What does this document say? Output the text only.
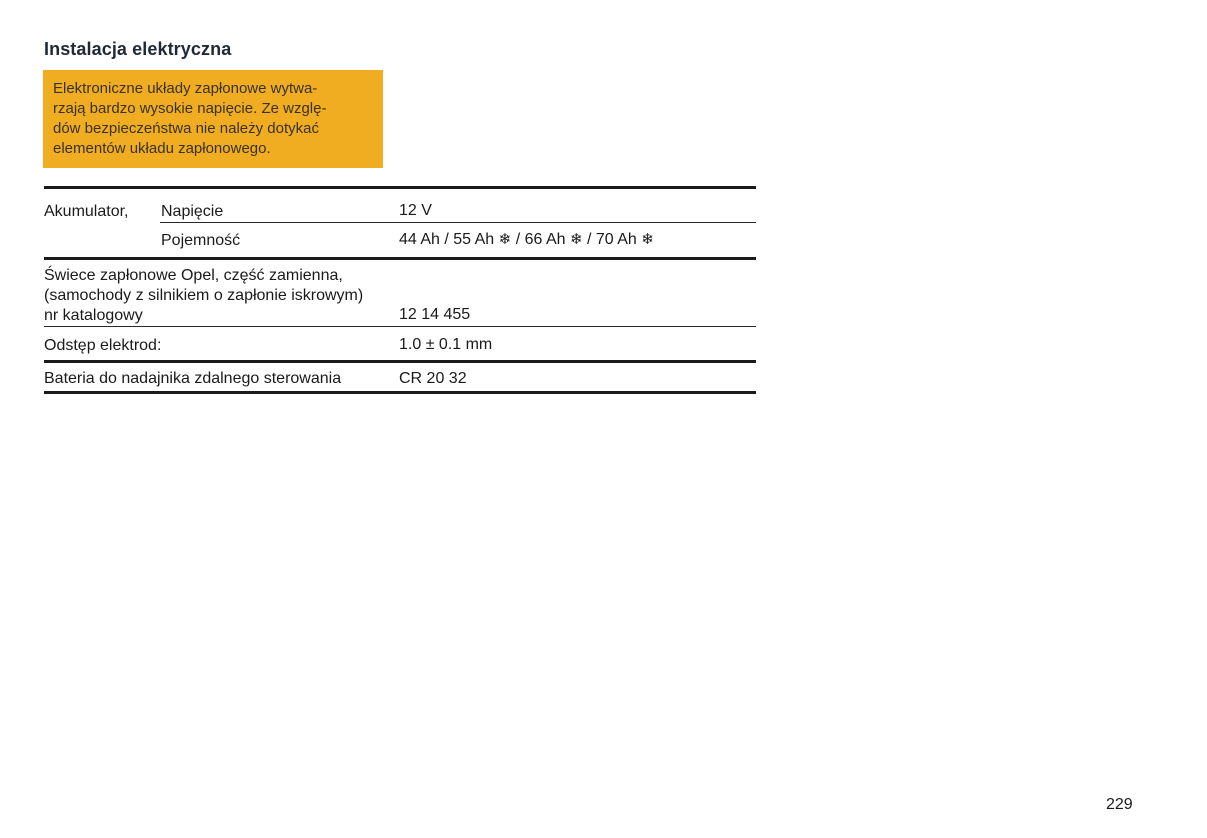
Instalacja elektryczna

Elektroniczne układy zapłonowe wytwa-

rzają bardzo wysokie napięcie. Ze wzglę-

dów bezpieczeństwa nie należy dotykać

elementów układu zapłonowego.

Akumulator, Napięcie	12 V
Pojemność	44 Ah / 55 Ah ❄ / 66 Ah ❄ / 70 Ah ❄
Świece zapłonowe Opel, część zamienna,
(samochody z silnikiem o zapłonie iskrowym)
nr katalogowy	12 14 455
Odstęp elektrod:	1.0 ± 0.1 mm
Bateria do nadajnika zdalnego sterowania	CR 20 32
229
